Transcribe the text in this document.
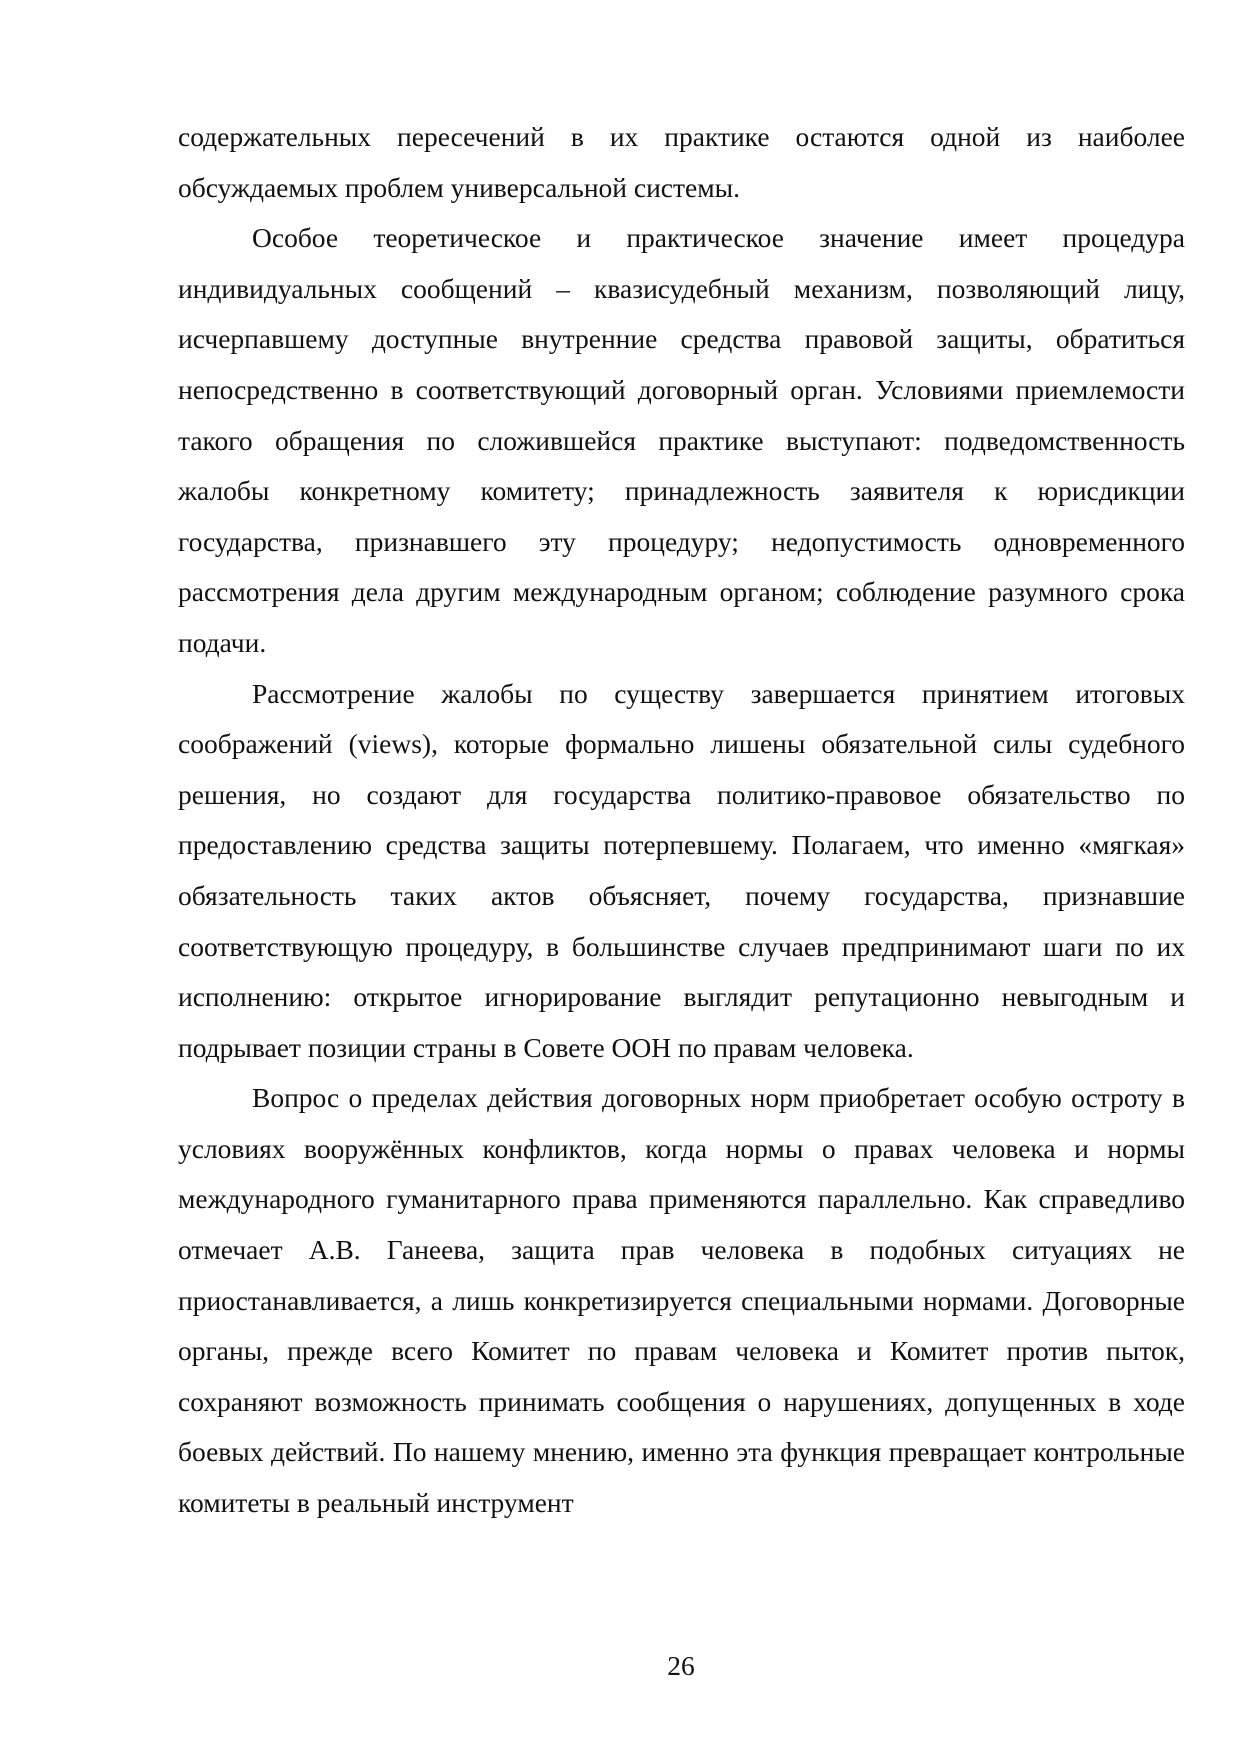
содержательных пересечений в их практике остаются одной из наиболее обсуждаемых проблем универсальной системы.

Особое теоретическое и практическое значение имеет процедура индивидуальных сообщений – квазисудебный механизм, позволяющий лицу, исчерпавшему доступные внутренние средства правовой защиты, обратиться непосредственно в соответствующий договорный орган. Условиями приемлемости такого обращения по сложившейся практике выступают: подведомственность жалобы конкретному комитету; принадлежность заявителя к юрисдикции государства, признавшего эту процедуру; недопустимость одновременного рассмотрения дела другим международным органом; соблюдение разумного срока подачи.

Рассмотрение жалобы по существу завершается принятием итоговых соображений (views), которые формально лишены обязательной силы судебного решения, но создают для государства политико-правовое обязательство по предоставлению средства защиты потерпевшему. Полагаем, что именно «мягкая» обязательность таких актов объясняет, почему государства, признавшие соответствующую процедуру, в большинстве случаев предпринимают шаги по их исполнению: открытое игнорирование выглядит репутационно невыгодным и подрывает позиции страны в Совете ООН по правам человека.

Вопрос о пределах действия договорных норм приобретает особую остроту в условиях вооружённых конфликтов, когда нормы о правах человека и нормы международного гуманитарного права применяются параллельно. Как справедливо отмечает А.В. Ганеева, защита прав человека в подобных ситуациях не приостанавливается, а лишь конкретизируется специальными нормами. Договорные органы, прежде всего Комитет по правам человека и Комитет против пыток, сохраняют возможность принимать сообщения о нарушениях, допущенных в ходе боевых действий. По нашему мнению, именно эта функция превращает контрольные комитеты в реальный инструмент

26
